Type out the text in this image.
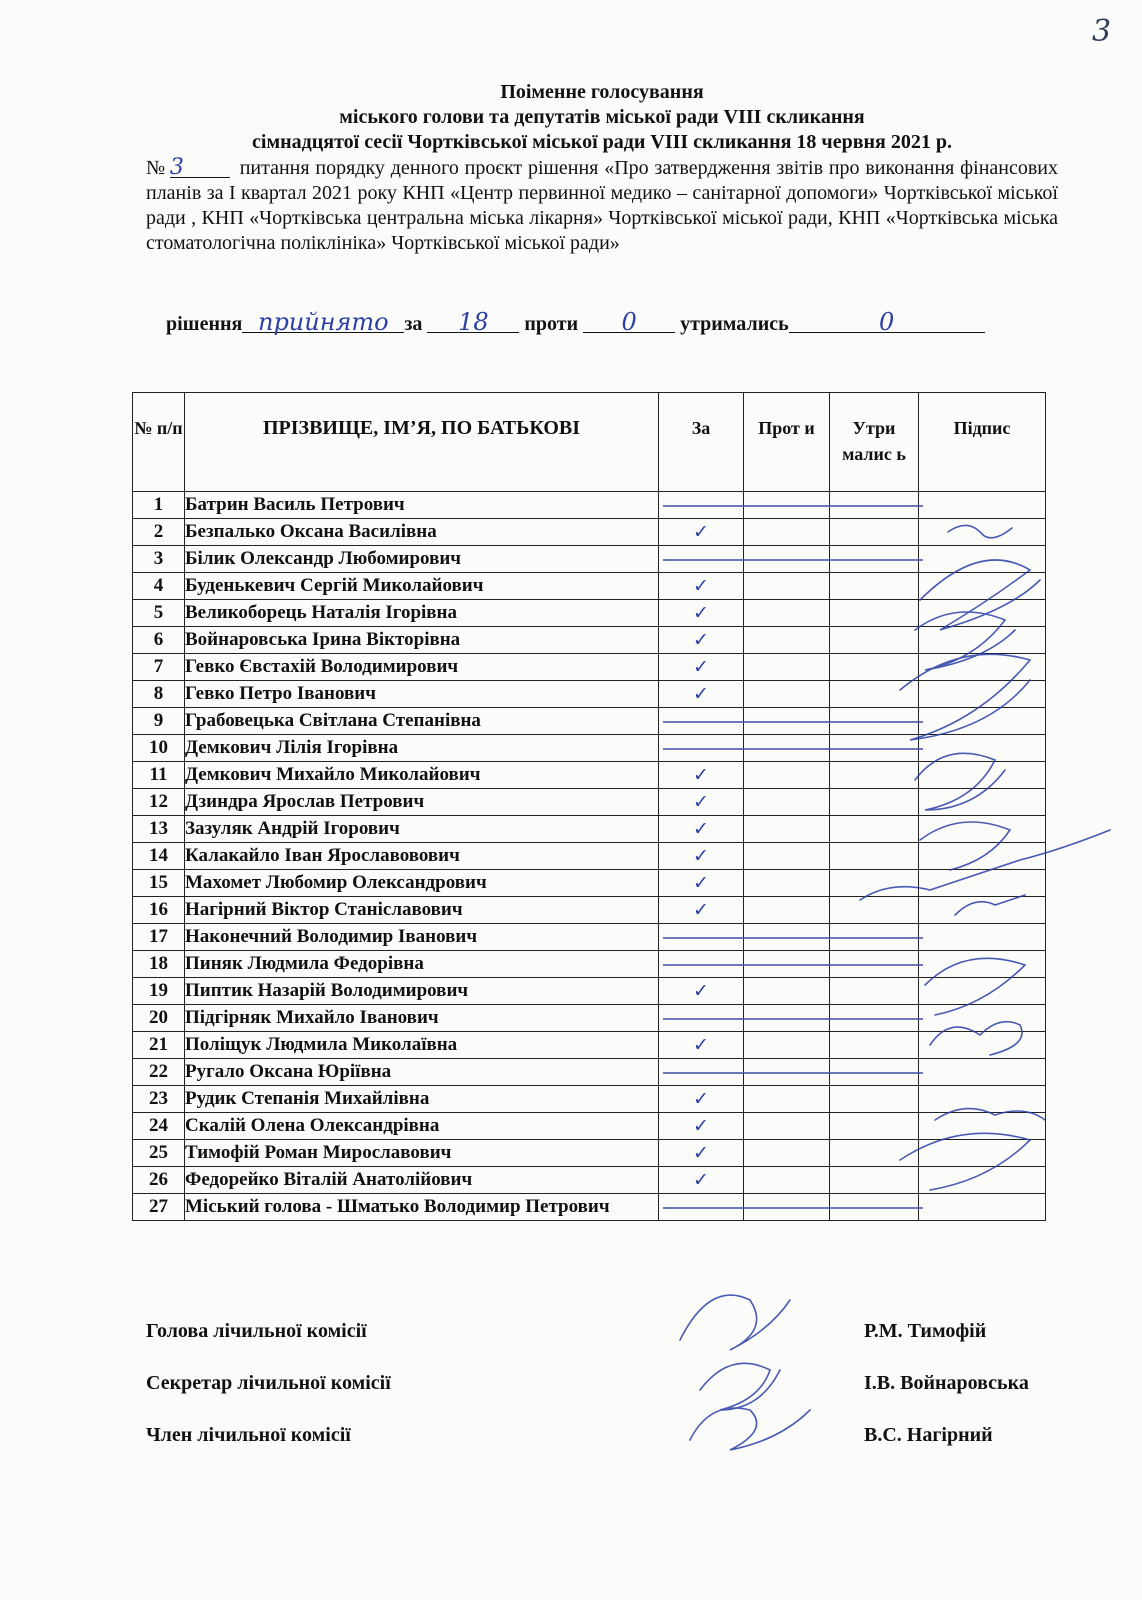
3
Поіменне голосування
міського голови та депутатів міської ради VIII скликання
сімнадцятої сесії Чортківської міської ради VIII скликання 18 червня 2021 р.
№ 3	питання порядку денного проєкт рішення «Про затвердження звітів про виконання фінансових планів за І квартал 2021 року КНП «Центр первинної медико – санітарної допомоги» Чортківської міської ради , КНП «Чортківська центральна міська лікарня» Чортківської міської ради, КНП «Чортківська міська стоматологічна поліклініка» Чортківської міської ради»
рішення прийнято за 18 проти 0 утримались	0
№ п/п	ПРІЗВИЩЕ, ІМ’Я, ПО БАТЬКОВІ	За	Прот и	Утри малис ь	Підпис
1	Батрин Василь Петрович	

2	Безпалько Оксана Василівна	✓			
3	Білик Олександр Любомирович	

4	Буденькевич Сергій Миколайович	✓			
5	Великоборець Наталія Ігорівна	✓			
6	Войнаровська Ірина Вікторівна	✓			
7	Гевко Євстахій Володимирович	✓			
8	Гевко Петро Іванович	✓			
9	Грабовецька Світлана Степанівна	

10	Демкович Лілія Ігорівна	

11	Демкович Михайло Миколайович	✓			
12	Дзиндра Ярослав Петрович	✓			
13	Зазуляк Андрій Ігорович	✓			
14	Калакайло Іван Ярославовович	✓			
15	Махомет Любомир Олександрович	✓			
16	Нагірний Віктор Станіславович	✓			
17	Наконечний Володимир Іванович	

18	Пиняк Людмила Федорівна	

19	Пиптик Назарій Володимирович	✓			
20	Підгірняк Михайло Іванович	

21	Поліщук Людмила Миколаївна	✓			
22	Ругало Оксана Юріївна	

23	Рудик Степанія Михайлівна	✓			
24	Скалій Олена Олександрівна	✓			
25	Тимофій Роман Мирославович	✓			
26	Федорейко Віталій Анатолійович	✓			
27	Міський голова - Шматько Володимир Петрович	

Голова лічильної комісії	Р.М. Тимофій
Секретар лічильної комісії	І.В. Войнаровська
Член лічильної комісії	В.С. Нагірний
